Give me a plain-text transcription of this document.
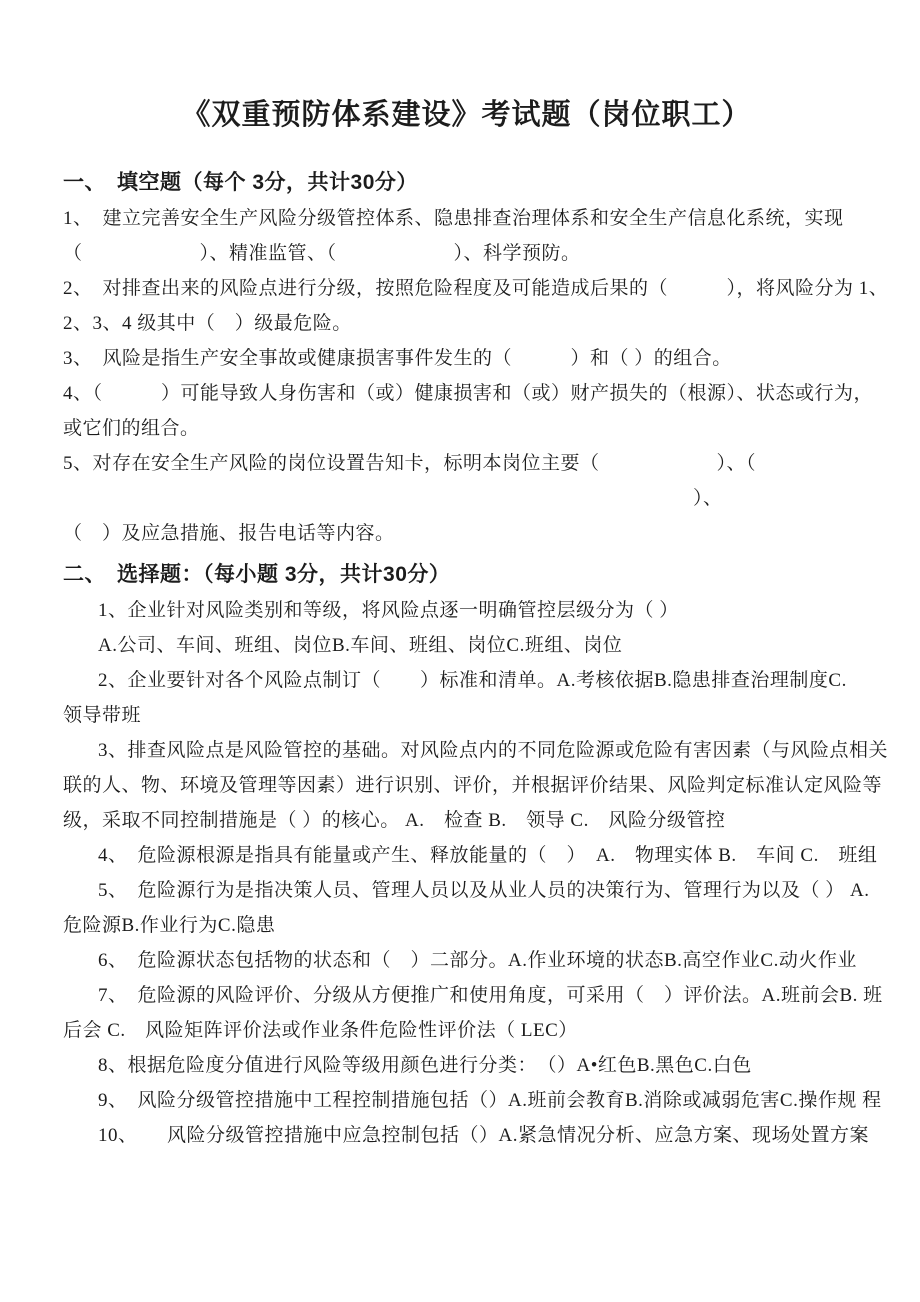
《双重预防体系建设》考试题（岗位职工）
一、　填空题（每个 3分，共计30分）
1、　建立完善安全生产风险分级管控体系、隐患排查治理体系和安全生产信息化系统，实现
（　　　　　　）、精准监管、（　　　　　　）、科学预防。
2、　对排查出来的风险点进行分级，按照危险程度及可能造成后果的（　　　），将风险分为 1、
2、3、4 级其中（　）级最危险。
3、　风险是指生产安全事故或健康损害事件发生的（　　　）和（ ）的组合。
4、（　　　）可能导致人身伤害和（或）健康损害和（或）财产损失的（根源）、状态或行为，
或它们的组合。
5、对存在安全生产风险的岗位设置告知卡，标明本岗位主要（　　　　　　）、（
）、
（　）及应急措施、报告电话等内容。
二、　选择题：（每小题 3分，共计30分）
1、企业针对风险类别和等级，将风险点逐一明确管控层级分为（ ）
A.公司、车间、班组、岗位B.车间、班组、岗位C.班组、岗位
2、企业要针对各个风险点制订（　　）标准和清单。A.考核依据B.隐患排查治理制度C.
领导带班
3、排查风险点是风险管控的基础。对风险点内的不同危险源或危险有害因素（与风险点相关
联的人、物、环境及管理等因素）进行识别、评价，并根据评价结果、风险判定标准认定风险等
级，采取不同控制措施是（ ）的核心。 A.　检查 B.　领导 C.　风险分级管控
4、　危险源根源是指具有能量或产生、释放能量的（　）　A.　物理实体 B.　车间 C.　班组
5、　危险源行为是指决策人员、管理人员以及从业人员的决策行为、管理行为以及（ ） A.
危险源B.作业行为C.隐患
6、　危险源状态包括物的状态和（　）二部分。A.作业环境的状态B.高空作业C.动火作业
7、　危险源的风险评价、分级从方便推广和使用角度，可采用（　）评价法。A.班前会B. 班
后会 C.　风险矩阵评价法或作业条件危险性评价法（ LEC）
8、根据危险度分值进行风险等级用颜色进行分类：　（）A•红色B.黑色C.白色
9、　风险分级管控措施中工程控制措施包括（）A.班前会教育B.消除或减弱危害C.操作规 程
10、　　风险分级管控措施中应急控制包括（）A.紧急情况分析、应急方案、现场处置方案
